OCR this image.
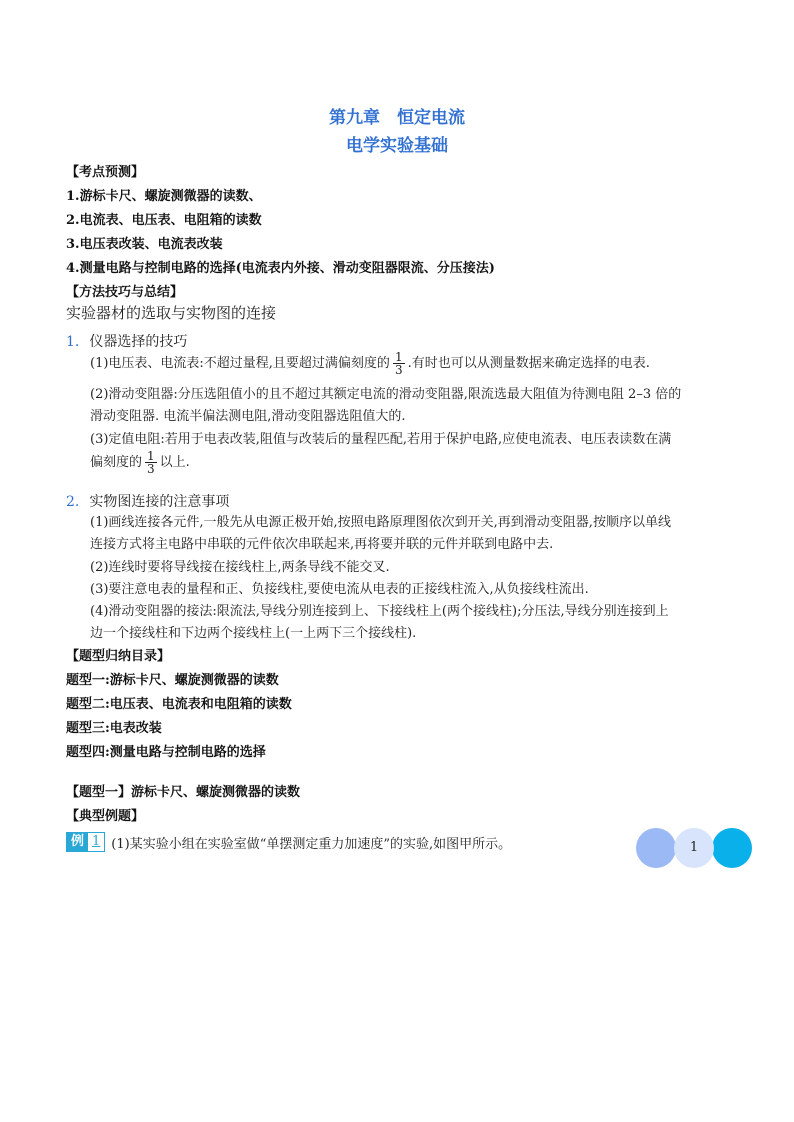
第九章　恒定电流
电学实验基础
【考点预测】
1.游标卡尺、螺旋测微器的读数、
2.电流表、电压表、电阻箱的读数
3.电压表改装、电流表改装
4.测量电路与控制电路的选择(电流表内外接、滑动变阻器限流、分压接法)
【方法技巧与总结】
实验器材的选取与实物图的连接
1. 仪器选择的技巧
(1)电压表、电流表:不超过量程,且要超过满偏刻度的 $\frac{1}{3}$ .有时也可以从测量数据来确定选择的电表.
(2)滑动变阻器:分压选阻值小的且不超过其额定电流的滑动变阻器,限流选最大阻值为待测电阻 2–3 倍的
滑动变阻器. 电流半偏法测电阻,滑动变阻器选阻值大的.
(3)定值电阻:若用于电表改装,阻值与改装后的量程匹配,若用于保护电路,应使电流表、电压表读数在满
偏刻度的 $\frac{1}{3}$ 以上.
2. 实物图连接的注意事项
(1)画线连接各元件,一般先从电源正极开始,按照电路原理图依次到开关,再到滑动变阻器,按顺序以单线
连接方式将主电路中串联的元件依次串联起来,再将要并联的元件并联到电路中去.
(2)连线时要将导线接在接线柱上,两条导线不能交叉.
(3)要注意电表的量程和正、负接线柱,要使电流从电表的正接线柱流入,从负接线柱流出.
(4)滑动变阻器的接法:限流法,导线分别连接到上、下接线柱上(两个接线柱);分压法,导线分别连接到上
边一个接线柱和下边两个接线柱上(一上两下三个接线柱).
【题型归纳目录】
题型一:游标卡尺、螺旋测微器的读数
题型二:电压表、电流表和电阻箱的读数
题型三:电表改装
题型四:测量电路与控制电路的选择
【题型一】游标卡尺、螺旋测微器的读数
【典型例题】
例 1 (1)某实验小组在实验室做“单摆测定重力加速度”的实验,如图甲所示。	1
